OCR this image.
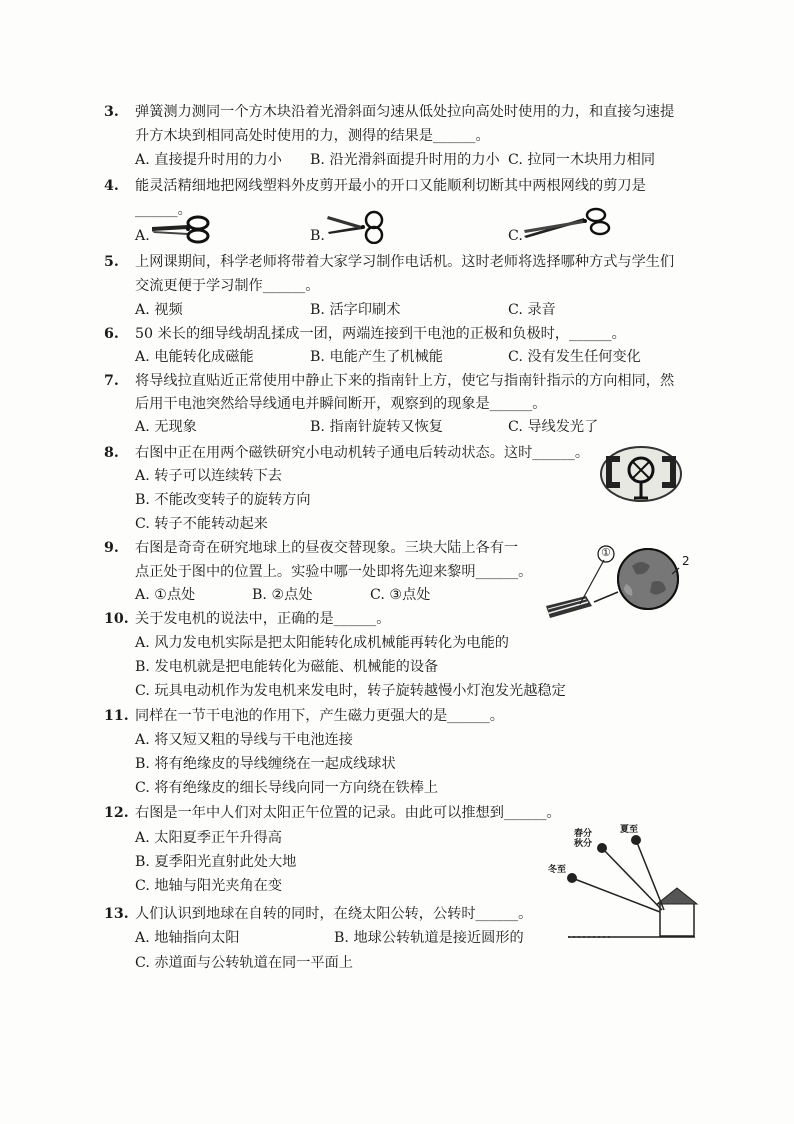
3. 弹簧测力测同一个方木块沿着光滑斜面匀速从低处拉向高处时使用的力，和直接匀速提
升方木块到相同高处时使用的力，测得的结果是______。
A. 直接提升时用的力小 B. 沿光滑斜面提升时用的力小 C. 拉同一木块用力相同
4. 能灵活精细地把网线塑料外皮剪开最小的开口又能顺利切断其中两根网线的剪刀是
______。
A.	B.	C.
5. 上网课期间，科学老师将带着大家学习制作电话机。这时老师将选择哪种方式与学生们
交流更便于学习制作______。
A. 视频	B. 活字印刷术	C. 录音
6. 50 米长的细导线胡乱揉成一团，两端连接到干电池的正极和负极时，______。
A. 电能转化成磁能	B. 电能产生了机械能	C. 没有发生任何变化
7. 将导线拉直贴近正常使用中静止下来的指南针上方，使它与指南针指示的方向相同，然
后用干电池突然给导线通电并瞬间断开，观察到的现象是______。
A. 无现象	B. 指南针旋转又恢复	C. 导线发光了
8. 右图中正在用两个磁铁研究小电动机转子通电后转动状态。这时______。
A. 转子可以连续转下去
B. 不能改变转子的旋转方向
C. 转子不能转动起来
9. 右图是奇奇在研究地球上的昼夜交替现象。三块大陆上各有一
点正处于图中的位置上。实验中哪一处即将先迎来黎明______。
A. ①点处	B. ②点处	C. ③点处
①
2
10. 关于发电机的说法中，正确的是______。
A. 风力发电机实际是把太阳能转化成机械能再转化为电能的
B. 发电机就是把电能转化为磁能、机械能的设备
C. 玩具电动机作为发电机来发电时，转子旋转越慢小灯泡发光越稳定
11. 同样在一节干电池的作用下，产生磁力更强大的是______。
A. 将又短又粗的导线与干电池连接
B. 将有绝缘皮的导线缠绕在一起成线球状
C. 将有绝缘皮的细长导线向同一方向绕在铁棒上
12. 右图是一年中人们对太阳正午位置的记录。由此可以推想到______。
A. 太阳夏季正午升得高
B. 夏季阳光直射此处大地
C. 地轴与阳光夹角在变
春分
秋分
夏至
冬至
13. 人们认识到地球在自转的同时，在绕太阳公转，公转时______。
A. 地轴指向太阳	B. 地球公转轨道是接近圆形的
C. 赤道面与公转轨道在同一平面上
